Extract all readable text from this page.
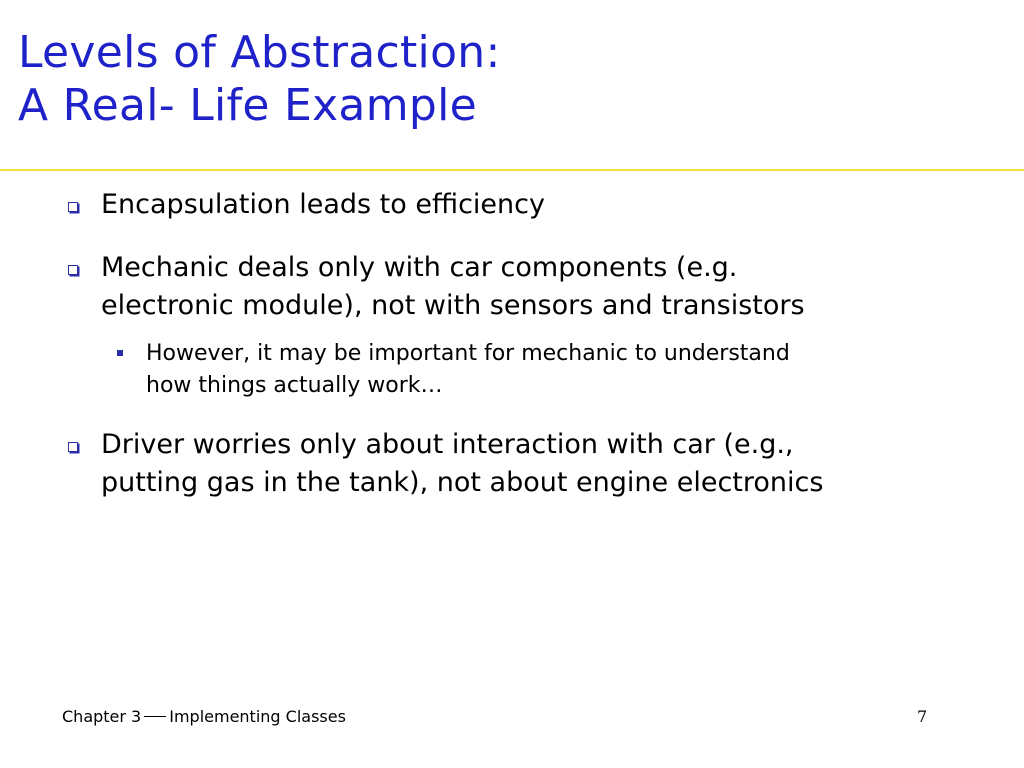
Levels of Abstraction:
A Real- Life Example
Encapsulation leads to efficiency
Mechanic deals only with car components (e.g.
electronic module), not with sensors and transistors
However, it may be important for mechanic to understand
how things actually work…
Driver worries only about interaction with car (e.g.,
putting gas in the tank), not about engine electronics
Chapter 3 Implementing Classes	7
